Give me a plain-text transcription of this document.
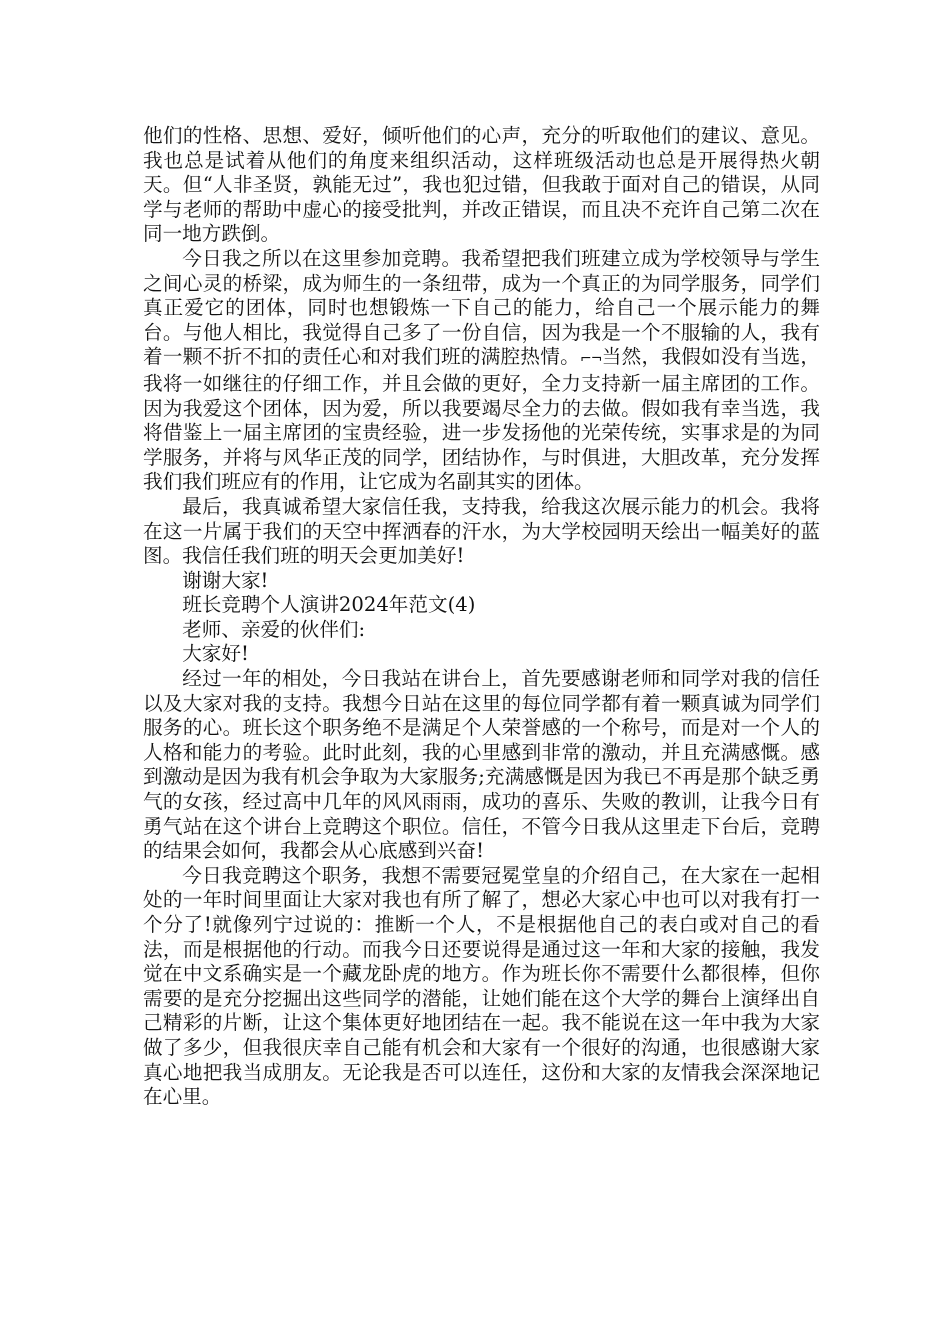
他们的性格、思想、爱好，倾听他们的心声，充分的听取他们的建议、意见。我也总是试着从他们的角度来组织活动，这样班级活动也总是开展得热火朝天。但“人非圣贤，孰能无过”，我也犯过错，但我敢于面对自己的错误，从同学与老师的帮助中虚心的接受批判，并改正错误，而且决不充许自己第二次在同一地方跌倒。

今日我之所以在这里参加竞聘。我希望把我们班建立成为学校领导与学生之间心灵的桥梁，成为师生的一条纽带，成为一个真正的为同学服务，同学们真正爱它的团体，同时也想锻炼一下自己的能力，给自己一个展示能力的舞台。与他人相比，我觉得自己多了一份自信，因为我是一个不服输的人，我有着一颗不折不扣的责任心和对我们班的满腔热情。⌐¬当然，我假如没有当选，我将一如继往的仔细工作，并且会做的更好，全力支持新一届主席团的工作。因为我爱这个团体，因为爱，所以我要竭尽全力的去做。假如我有幸当选，我将借鉴上一届主席团的宝贵经验，进一步发扬他的光荣传统，实事求是的为同学服务，并将与风华正茂的同学，团结协作，与时俱进，大胆改革，充分发挥我们我们班应有的作用，让它成为名副其实的团体。

最后，我真诚希望大家信任我，支持我，给我这次展示能力的机会。我将在这一片属于我们的天空中挥洒春的汗水，为大学校园明天绘出一幅美好的蓝图。我信任我们班的明天会更加美好!

谢谢大家!

班长竞聘个人演讲2024年范文(4)

老师、亲爱的伙伴们:

大家好!

经过一年的相处，今日我站在讲台上，首先要感谢老师和同学对我的信任以及大家对我的支持。我想今日站在这里的每位同学都有着一颗真诚为同学们服务的心。班长这个职务绝不是满足个人荣誉感的一个称号，而是对一个人的人格和能力的考验。此时此刻，我的心里感到非常的激动，并且充满感慨。感到激动是因为我有机会争取为大家服务;充满感慨是因为我已不再是那个缺乏勇气的女孩，经过高中几年的风风雨雨，成功的喜乐、失败的教训，让我今日有勇气站在这个讲台上竞聘这个职位。信任，不管今日我从这里走下台后，竞聘的结果会如何，我都会从心底感到兴奋!

今日我竞聘这个职务，我想不需要冠冕堂皇的介绍自己，在大家在一起相处的一年时间里面让大家对我也有所了解了，想必大家心中也可以对我有打一个分了!就像列宁过说的：推断一个人，不是根据他自己的表白或对自己的看法，而是根据他的行动。而我今日还要说得是通过这一年和大家的接触，我发觉在中文系确实是一个藏龙卧虎的地方。作为班长你不需要什么都很棒，但你需要的是充分挖掘出这些同学的潜能，让她们能在这个大学的舞台上演绎出自己精彩的片断，让这个集体更好地团结在一起。我不能说在这一年中我为大家做了多少，但我很庆幸自己能有机会和大家有一个很好的沟通，也很感谢大家真心地把我当成朋友。无论我是否可以连任，这份和大家的友情我会深深地记在心里。
